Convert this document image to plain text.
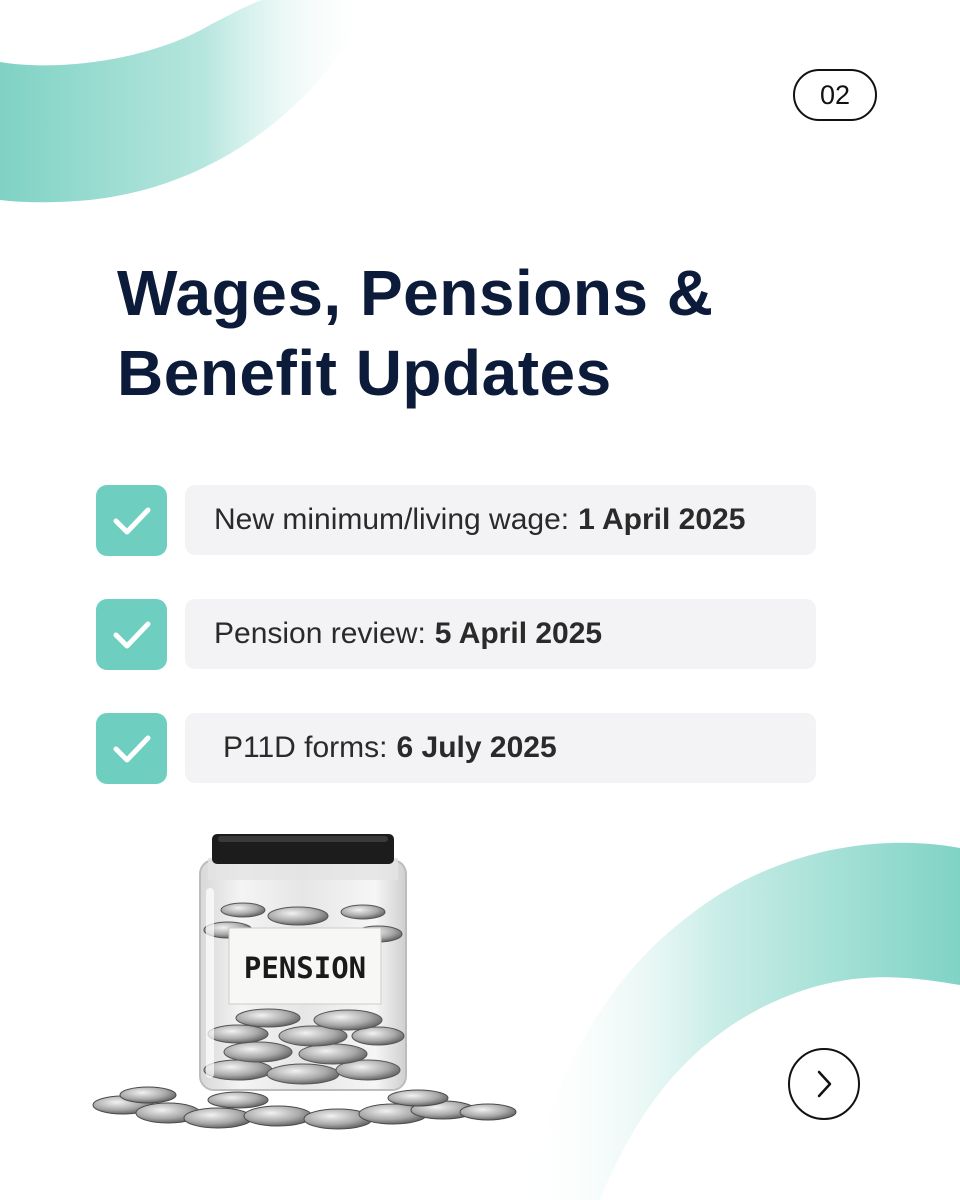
02
Wages, Pensions &
Benefit Updates
New minimum/living wage: 1 April 2025
Pension review: 5 April 2025
P11D forms: 6 July 2025
PENSION
